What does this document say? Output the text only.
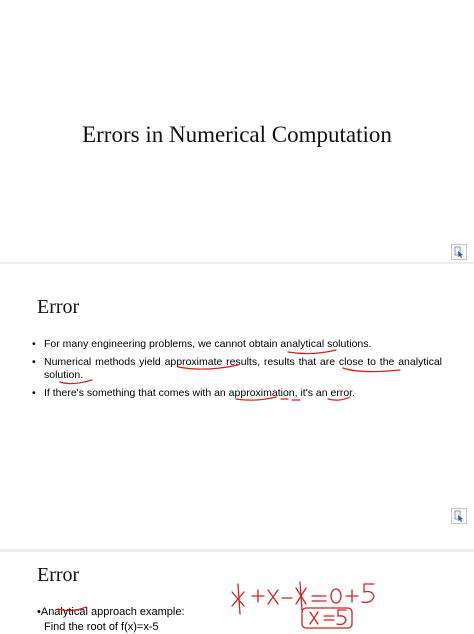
Errors in Numerical Computation
Error
• For many engineering problems, we cannot obtain analytical solutions.
• Numerical methods yield approximate results, results that are close to the analytical solution.
• If there's something that comes with an approximation, it's an error.
Error
•Analytical approach example:
Find the root of f(x)=x-5
